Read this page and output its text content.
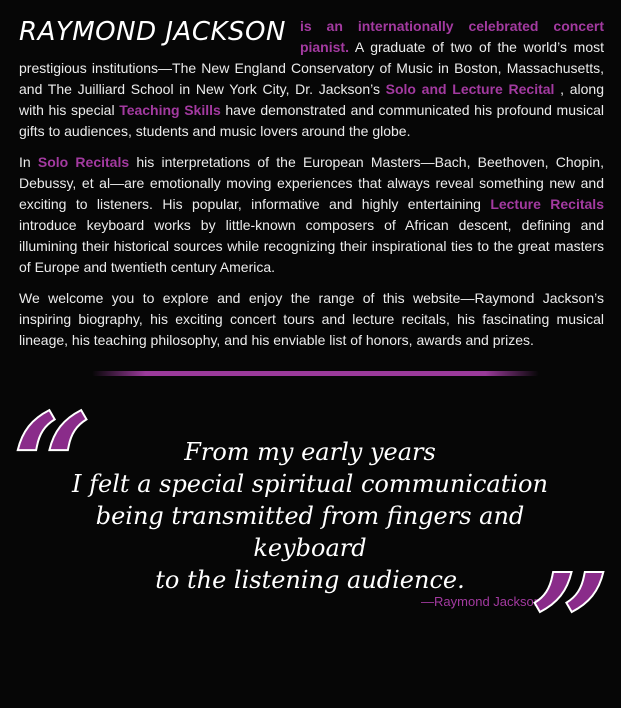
RAYMOND JACKSON is an internationally celebrated concert pianist. A graduate of two of the world’s most prestigious institutions—The New England Conservatory of Music in Boston, Massachusetts, and The Juilliard School in New York City, Dr. Jackson’s Solo and Lecture Recital , along with his special Teaching Skills have demonstrated and communicated his profound musical gifts to audiences, students and music lovers around the globe.

In Solo Recitals his interpretations of the European Masters—Bach, Beethoven, Chopin, Debussy, et al—are emotionally moving experiences that always reveal something new and exciting to listeners. His popular, informative and highly entertaining Lecture Recitals introduce keyboard works by little-known composers of African descent, defining and illumining their historical sources while recognizing their inspirational ties to the great masters of Europe and twentieth century America.

We welcome you to explore and enjoy the range of this website—Raymond Jackson’s inspiring biography, his exciting concert tours and lecture recitals, his fascinating musical lineage, his teaching philosophy, and his enviable list of honors, awards and prizes.

“	From my early years
I felt a special spiritual communication
being transmitted from fingers and keyboard
to the listening audience.
—Raymond Jackson
”
